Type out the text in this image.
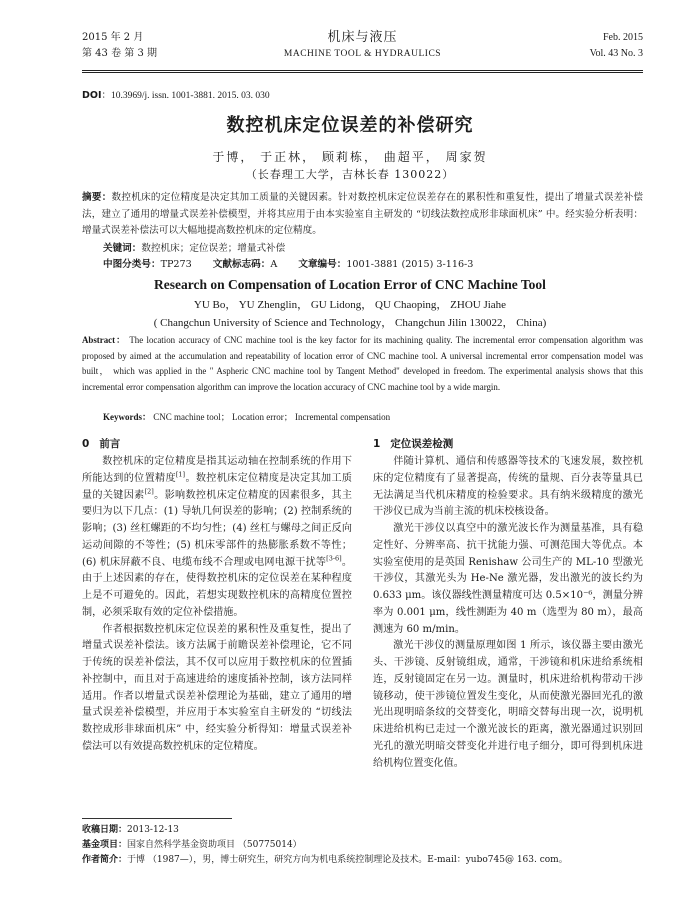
2015 年 2 月
第 43 卷 第 3 期
机床与液压
MACHINE TOOL & HYDRAULICS
Feb. 2015
Vol. 43 No. 3
DOI：10.3969/j. issn. 1001-3881. 2015. 03. 030
数控机床定位误差的补偿研究
于博， 于正林， 顾莉栋， 曲超平， 周家贺
（长春理工大学，吉林长春 130022）
摘要：数控机床的定位精度是决定其加工质量的关键因素。针对数控机床定位误差存在的累积性和重复性，提出了增量式误差补偿法，建立了通用的增量式误差补偿模型，并将其应用于由本实验室自主研发的 “切线法数控成形非球面机床” 中。经实验分析表明：增量式误差补偿法可以大幅地提高数控机床的定位精度。
关键词：数控机床；定位误差；增量式补偿
中图分类号：TP273 文献标志码：A 文章编号：1001-3881 (2015) 3-116-3
Research on Compensation of Location Error of CNC Machine Tool
YU Bo， YU Zhenglin， GU Lidong， QU Chaoping， ZHOU Jiahe
( Changchun University of Science and Technology， Changchun Jilin 130022， China)
Abstract： The location accuracy of CNC machine tool is the key factor for its machining quality. The incremental error compensation algorithm was proposed by aimed at the accumulation and repeatability of location error of CNC machine tool. A universal incremental error compensation model was built， which was applied in the " Aspheric CNC machine tool by Tangent Method" developed in freedom. The experimental analysis shows that this incremental error compensation algorithm can improve the location accuracy of CNC machine tool by a wide margin.
Keywords： CNC machine tool； Location error； Incremental compensation
0 前言

数控机床的定位精度是指其运动轴在控制系统的作用下所能达到的位置精度[1]。数控机床定位精度是决定其加工质量的关键因素[2]。影响数控机床定位精度的因素很多，其主要归为以下几点：(1) 导轨几何误差的影响；(2) 控制系统的影响；(3) 丝杠螺距的不均匀性；(4) 丝杠与螺母之间正反向运动间隙的不等性；(5) 机床零部件的热膨胀系数不等性；(6) 机床屏蔽不良、电缆布线不合理或电网电源干扰等[3-6]。由于上述因素的存在，使得数控机床的定位误差在某种程度上是不可避免的。因此，若想实现数控机床的高精度位置控制，必须采取有效的定位补偿措施。

作者根据数控机床定位误差的累积性及重复性，提出了增量式误差补偿法。该方法属于前瞻误差补偿理论，它不同于传统的误差补偿法，其不仅可以应用于数控机床的位置插补控制中，而且对于高速进给的速度插补控制，该方法同样适用。作者以增量式误差补偿理论为基础，建立了通用的增量式误差补偿模型，并应用于本实验室自主研发的 “切线法数控成形非球面机床” 中，经实验分析得知：增量式误差补偿法可以有效提高数控机床的定位精度。

1 定位误差检测

伴随计算机、通信和传感器等技术的飞速发展，数控机床的定位精度有了显著提高，传统的量规、百分表等量具已无法满足当代机床精度的检验要求。具有纳米级精度的激光干涉仪已成为当前主流的机床校核设备。

激光干涉仪以真空中的激光波长作为测量基准，具有稳定性好、分辨率高、抗干扰能力强、可测范围大等优点。本实验室使用的是英国 Renishaw 公司生产的 ML-10 型激光干涉仪，其激光头为 He-Ne 激光器，发出激光的波长约为 0.633 μm。该仪器线性测量精度可达 0.5×10⁻⁶，测量分辨率为 0.001 μm，线性测距为 40 m（选型为 80 m），最高测速为 60 m/min。

激光干涉仪的测量原理如图 1 所示，该仪器主要由激光头、干涉镜、反射镜组成，通常，干涉镜和机床进给系统相连，反射镜固定在另一边。测量时，机床进给机构带动干涉镜移动，使干涉镜位置发生变化，从而使激光器回光孔的激光出现明暗条纹的交替变化，明暗交替每出现一次，说明机床进给机构已走过一个激光波长的距离，激光器通过识别回光孔的激光明暗交替变化并进行电子细分，即可得到机床进给机构位置变化值。

收稿日期：2013-12-13
基金项目：国家自然科学基金资助项目 （50775014）
作者简介：于博 （1987—），男，博士研究生，研究方向为机电系统控制理论及技术。E-mail：yubo745@ 163. com。
